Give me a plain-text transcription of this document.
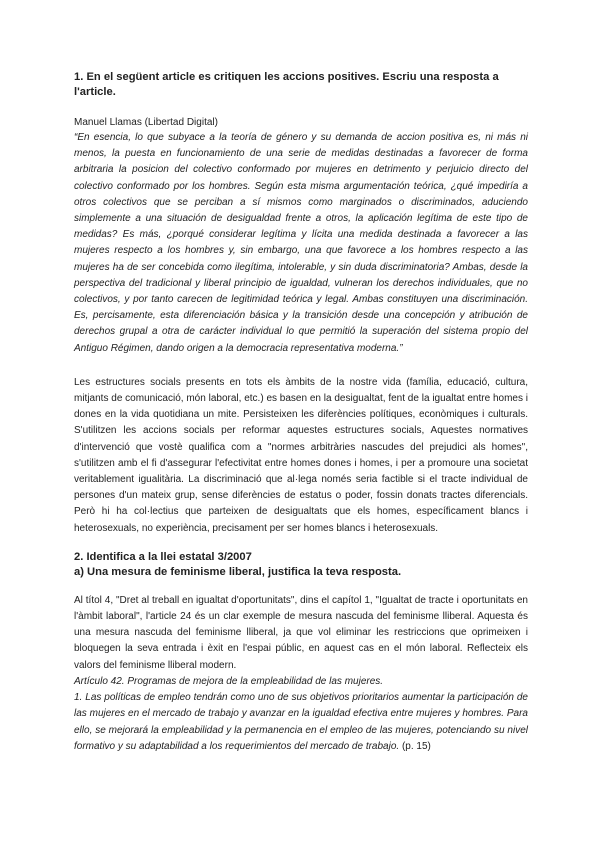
1. En el següent article es critiquen les accions positives. Escriu una resposta a l'article.

Manuel Llamas (Libertad Digital)

“En esencia, lo que subyace a la teoría de género y su demanda de accion positiva es, ni más ni menos, la puesta en funcionamiento de una serie de medidas destinadas a favorecer de forma arbitraria la posicion del colectivo conformado por mujeres en detrimento y perjuicio directo del colectivo conformado por los hombres. Según esta misma argumentación teórica, ¿qué impediría a otros colectivos que se perciban a sí mismos como marginados o discriminados, aduciendo simplemente a una situación de desigualdad frente a otros, la aplicación legítima de este tipo de medidas? Es más, ¿porqué considerar legítima y lícita una medida destinada a favorecer a las mujeres respecto a los hombres y, sin embargo, una que favorece a los hombres respecto a las mujeres ha de ser concebida como ilegítima, intolerable, y sin duda discriminatoria? Ambas, desde la perspectiva del tradicional y liberal principio de igualdad, vulneran los derechos individuales, que no colectivos, y por tanto carecen de legitimidad teórica y legal. Ambas constituyen una discriminación. Es, percisamente, esta diferenciación básica y la transición desde una concepción y atribución de derechos grupal a otra de carácter individual lo que permitió la superación del sistema propio del Antiguo Régimen, dando origen a la democracia representativa moderna.”

Les estructures socials presents en tots els àmbits de la nostre vida (família, educació, cultura, mitjants de comunicació, món laboral, etc.) es basen en la desigualtat, fent de la igualtat entre homes i dones en la vida quotidiana un mite. Persisteixen les diferències polítiques, econòmiques i culturals. S'utilitzen les accions socials per reformar aquestes estructures socials, Aquestes normatives d'intervenció que vostè qualifica com a "normes arbitràries nascudes del prejudici als homes", s'utilitzen amb el fi d'assegurar l'efectivitat entre homes dones i homes, i per a promoure una societat veritablement igualitària. La discriminació que al·lega només seria factible si el tracte individual de persones d'un mateix grup, sense diferències de estatus o poder, fossin donats tractes diferencials. Però hi ha col·lectius que parteixen de desigualtats que els homes, específicament blancs i heterosexuals, no experiència, precisament per ser homes blancs i heterosexuals.

2. Identifica a la llei estatal 3/2007

a) Una mesura de feminisme liberal, justifica la teva resposta.

Al títol 4, "Dret al treball en igualtat d'oportunitats", dins el capítol 1, "Igualtat de tracte i oportunitats en l'àmbit laboral", l'article 24 és un clar exemple de mesura nascuda del feminisme lliberal. Aquesta és una mesura nascuda del feminisme lliberal, ja que vol eliminar les restriccions que oprimeixen i bloquegen la seva entrada i èxit en l'espai públic, en aquest cas en el món laboral. Reflecteix els valors del feminisme lliberal modern.

Artículo 42. Programas de mejora de la empleabilidad de las mujeres.

1. Las políticas de empleo tendrán como uno de sus objetivos prioritarios aumentar la participación de las mujeres en el mercado de trabajo y avanzar en la igualdad efectiva entre mujeres y hombres. Para ello, se mejorará la empleabilidad y la permanencia en el empleo de las mujeres, potenciando su nivel formativo y su adaptabilidad a los requerimientos del mercado de trabajo. (p. 15)
